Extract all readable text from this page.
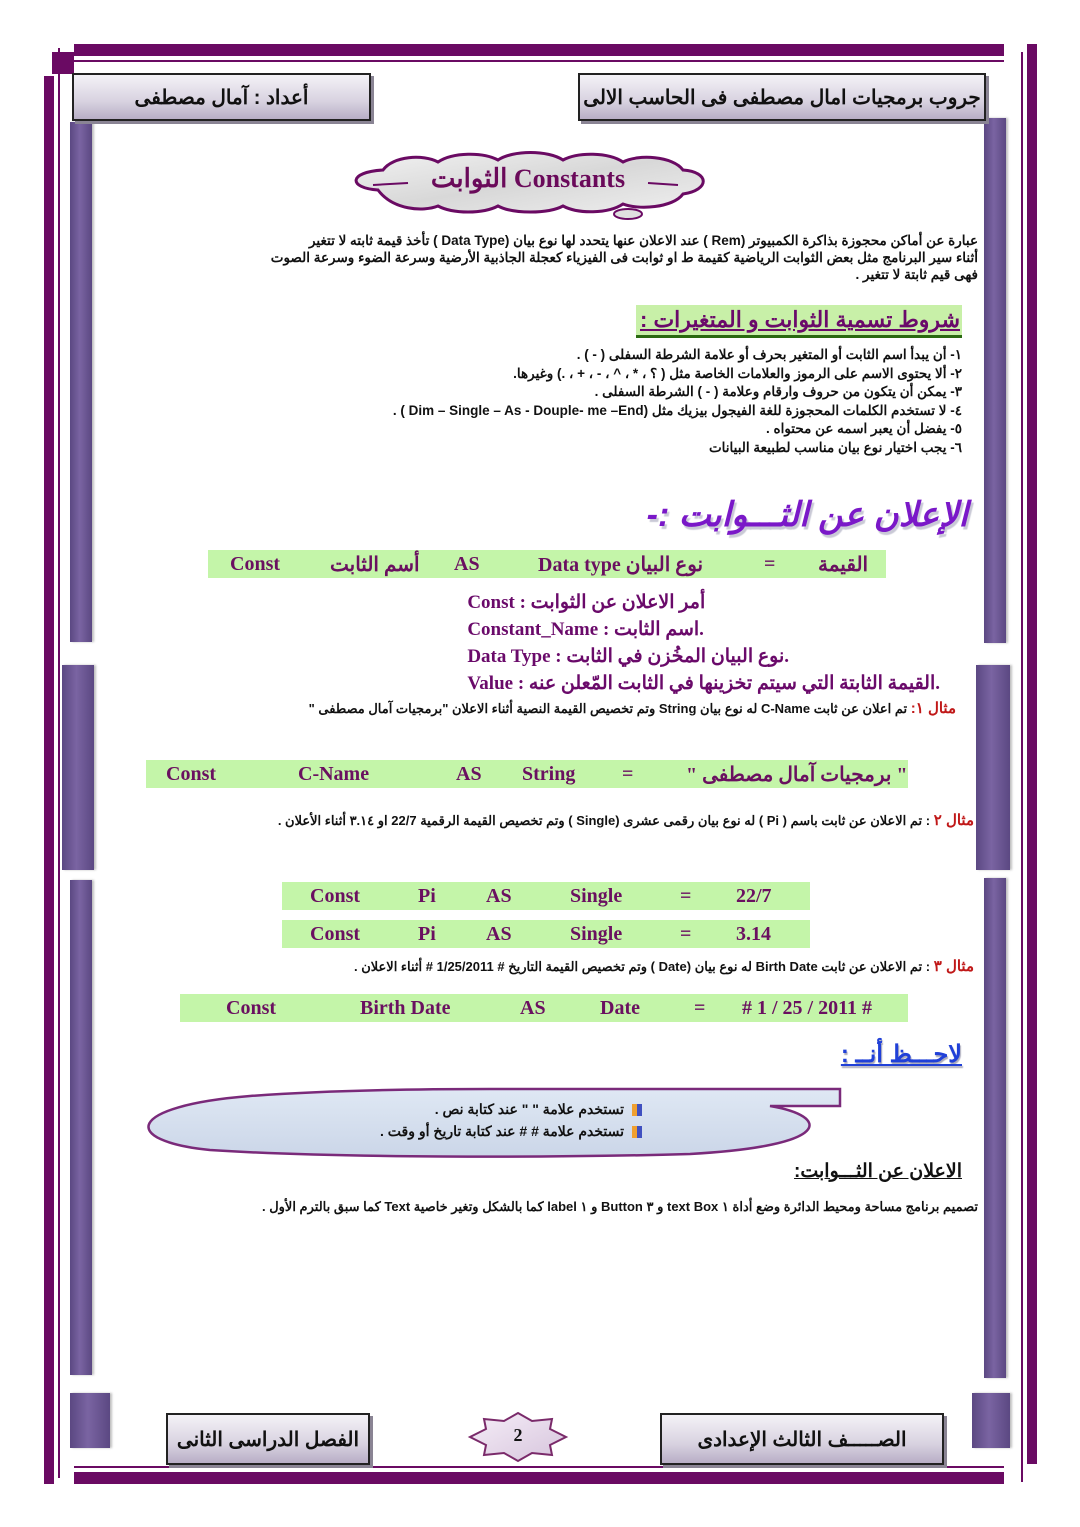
جروب برمجيات امال مصطفى فى الحاسب الالى
أعداد : آمال مصطفى
الثوابت Constants
عبارة عن أماكن محجوزة بذاكرة الكمبيوتر (Rem ) عند الاعلان عنها يتحدد لها نوع بيان (Data Type ) تأخذ قيمة ثابته لا تتغير
أثناء سير البرنامج مثل بعض الثوابت الرياضية كقيمة ط او ثوابت فى الفيزياء كعجلة الجاذبية الأرضية وسرعة الضوء وسرعة الصوت
فهى قيم ثابتة لا تتغير .
شروط تسمية الثوابت و المتغيرات :
١- أن يبدأ اسم الثابت أو المتغير بحرف أو علامة الشرطة السفلى ( - ) .
٢- ألا يحتوى الاسم على الرموز والعلامات الخاصة مثل ( ؟ ، * ، ^ ، - ، + ، .) وغيرها.
٣- يمكن أن يتكون من حروف وارقام وعلامة ( - ) الشرطة السفلى .
٤- لا تستخدم الكلمات المحجوزة للغة الفيجول بيزيك مثل (Dim – Single – As - Douple- me –End ) .
٥- يفضل أن يعبر اسمه عن محتواه .
٦- يجب اختيار نوع بيان مناسب لطبيعة البيانات
الإعلان عن الثـــوابت :-
Const أسم الثابت AS	Data type نوع البيان	= القيمة
Const : أمر الاعلان عن الثوابت
Constant_Name : اسم الثابت.
Data Type : نوع البيان المخُزن في الثابت.
Value : القيمة الثابتة التي سيتم تخزينها في الثابت المّعلن عنه.
مثال ١: تم اعلان عن ثابت C-Name له نوع بيان String وتم تخصيص القيمة النصية أثناء الاعلان "برمجيات آمال مصطفى "
Const	C-Name	AS String =	" برمجيات آمال مصطفى "
مثال ٢ : تم الاعلان عن ثابت باسم ( Pi ) له نوع بيان رقمى عشرى (Single ) وتم تخصيص القيمة الرقمية 22/7 او ٣.١٤ أثناء الأعلان .
Const	Pi	AS	Single	= 22/7
Const	Pi	AS	Single	= 3.14
مثال ٣ : تم الاعلان عن ثابت Birth Date له نوع بيان (Date ) وتم تخصيص القيمة التاريخ # 1/25/2011 # أثناء الاعلان .
Const	Birth Date	AS	Date	= # 1 / 25 / 2011 #
لاحـــظ أنــ :
تستخدم علامة " " عند كتابة نص .
تستخدم علامة # # عند كتابة تاريخ أو وقت .
الاعلان عن الثـــوابت:
تصميم برنامج مساحة ومحيط الدائرة وضع أداة ١ text Box و ٣ Button و ١ label كما بالشكل وتغير خاصية Text كما سبق بالترم الأول .
الصـــــف الثالث الإعدادى
الفصل الدراسى الثانى	2
